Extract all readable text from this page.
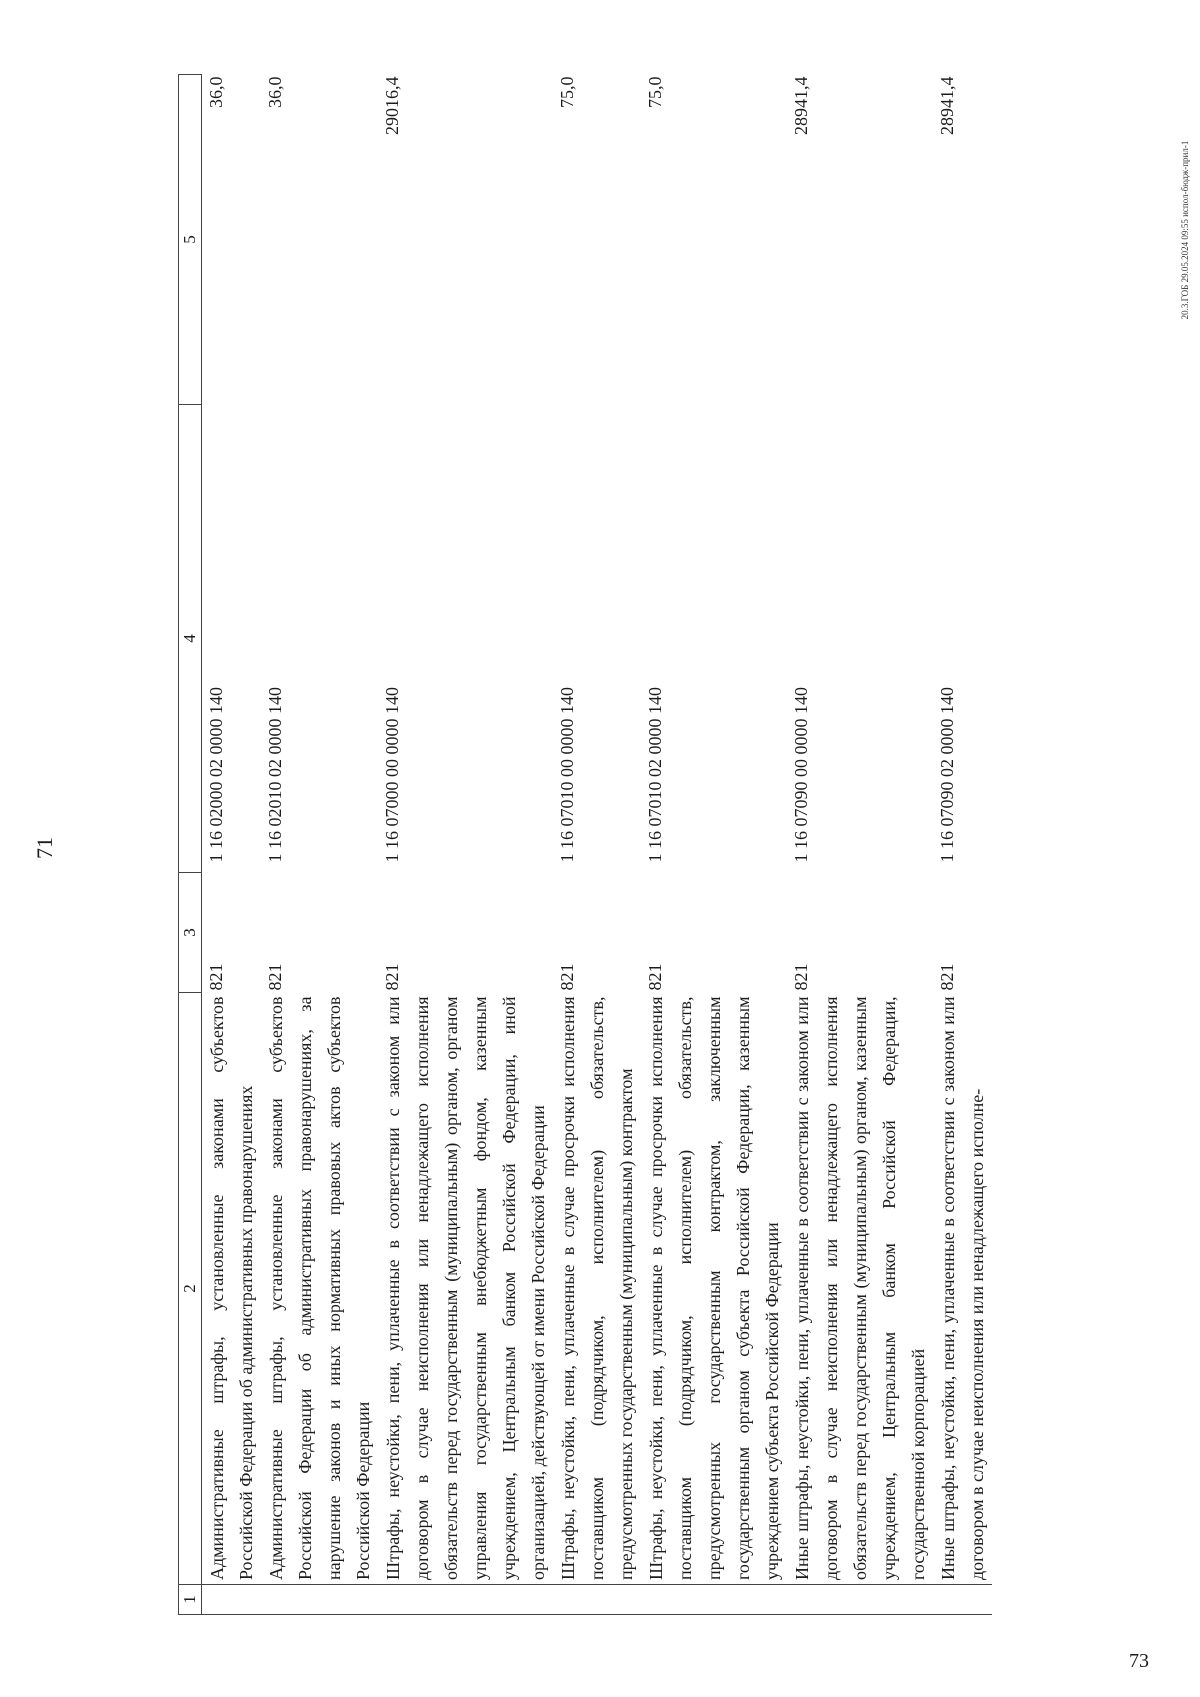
71
20.3.ГОБ 29.05.2024 09:55 испол-бюдж-прил-1
73
1	2	3	4	5
	Административные штрафы, установленные законами субъектов Российской Федерации об административных правонарушениях	821	1 16 02000 02 0000 140	36,0
	Административные штрафы, установленные законами субъектов Российской Федерации об административных правонарушениях, за нарушение законов и иных нормативных правовых актов субъектов Российской Федерации	821	1 16 02010 02 0000 140	36,0
	Штрафы, неустойки, пени, уплаченные в соответствии с законом или договором в случае неисполнения или ненадлежащего исполнения обязательств перед государственным (муниципальным) органом, органом управления государственным внебюджетным фондом, казенным учреждением, Центральным банком Российской Федерации, иной организацией, действующей от имени Российской Федерации	821	1 16 07000 00 0000 140	29016,4
	Штрафы, неустойки, пени, уплаченные в случае просрочки исполнения поставщиком (подрядчиком, исполнителем) обязательств, предусмотренных государственным (муниципальным) контрактом	821	1 16 07010 00 0000 140	75,0
	Штрафы, неустойки, пени, уплаченные в случае просрочки исполнения поставщиком (подрядчиком, исполнителем) обязательств, предусмотренных государственным контрактом, заключенным государственным органом субъекта Российской Федерации, казенным учреждением субъекта Российской Федерации	821	1 16 07010 02 0000 140	75,0
	Иные штрафы, неустойки, пени, уплаченные в соответствии с законом или договором в случае неисполнения или ненадлежащего исполнения обязательств перед государственным (муниципальным) органом, казенным учреждением, Центральным банком Российской Федерации, государственной корпорацией	821	1 16 07090 00 0000 140	28941,4
	Иные штрафы, неустойки, пени, уплаченные в соответствии с законом или договором в случае неисполнения или ненадлежащего исполне-	821	1 16 07090 02 0000 140	28941,4
